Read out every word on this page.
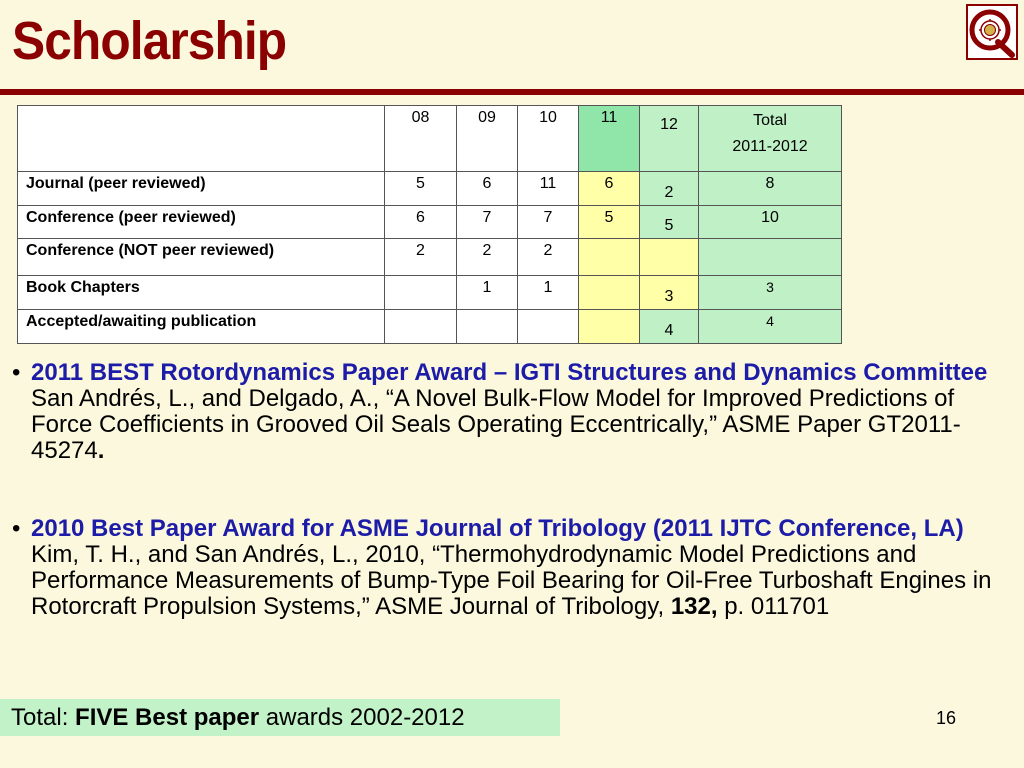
Scholarship
	08	09	10	11	12	Total
2011-2012
Journal (peer reviewed)	5	6	11	6	2	8
Conference (peer reviewed)	6	7	7	5	5	10
Conference (NOT peer reviewed)	2	2	2			
Book Chapters		1	1		3	3
Accepted/awaiting publication					4	4
• 2011 BEST Rotordynamics Paper Award – IGTI Structures and Dynamics Committee
San Andrés, L., and Delgado, A., “A Novel Bulk-Flow Model for Improved Predictions of Force Coefficients in Grooved Oil Seals Operating Eccentrically,” ASME Paper GT2011-45274.
• 2010 Best Paper Award for ASME Journal of Tribology (2011 IJTC Conference, LA)
Kim, T. H., and San Andrés, L., 2010, “Thermohydrodynamic Model Predictions and Performance Measurements of Bump-Type Foil Bearing for Oil-Free Turboshaft Engines in Rotorcraft Propulsion Systems,” ASME Journal of Tribology, 132, p. 011701
Total: FIVE Best paper awards 2002-2012	16
